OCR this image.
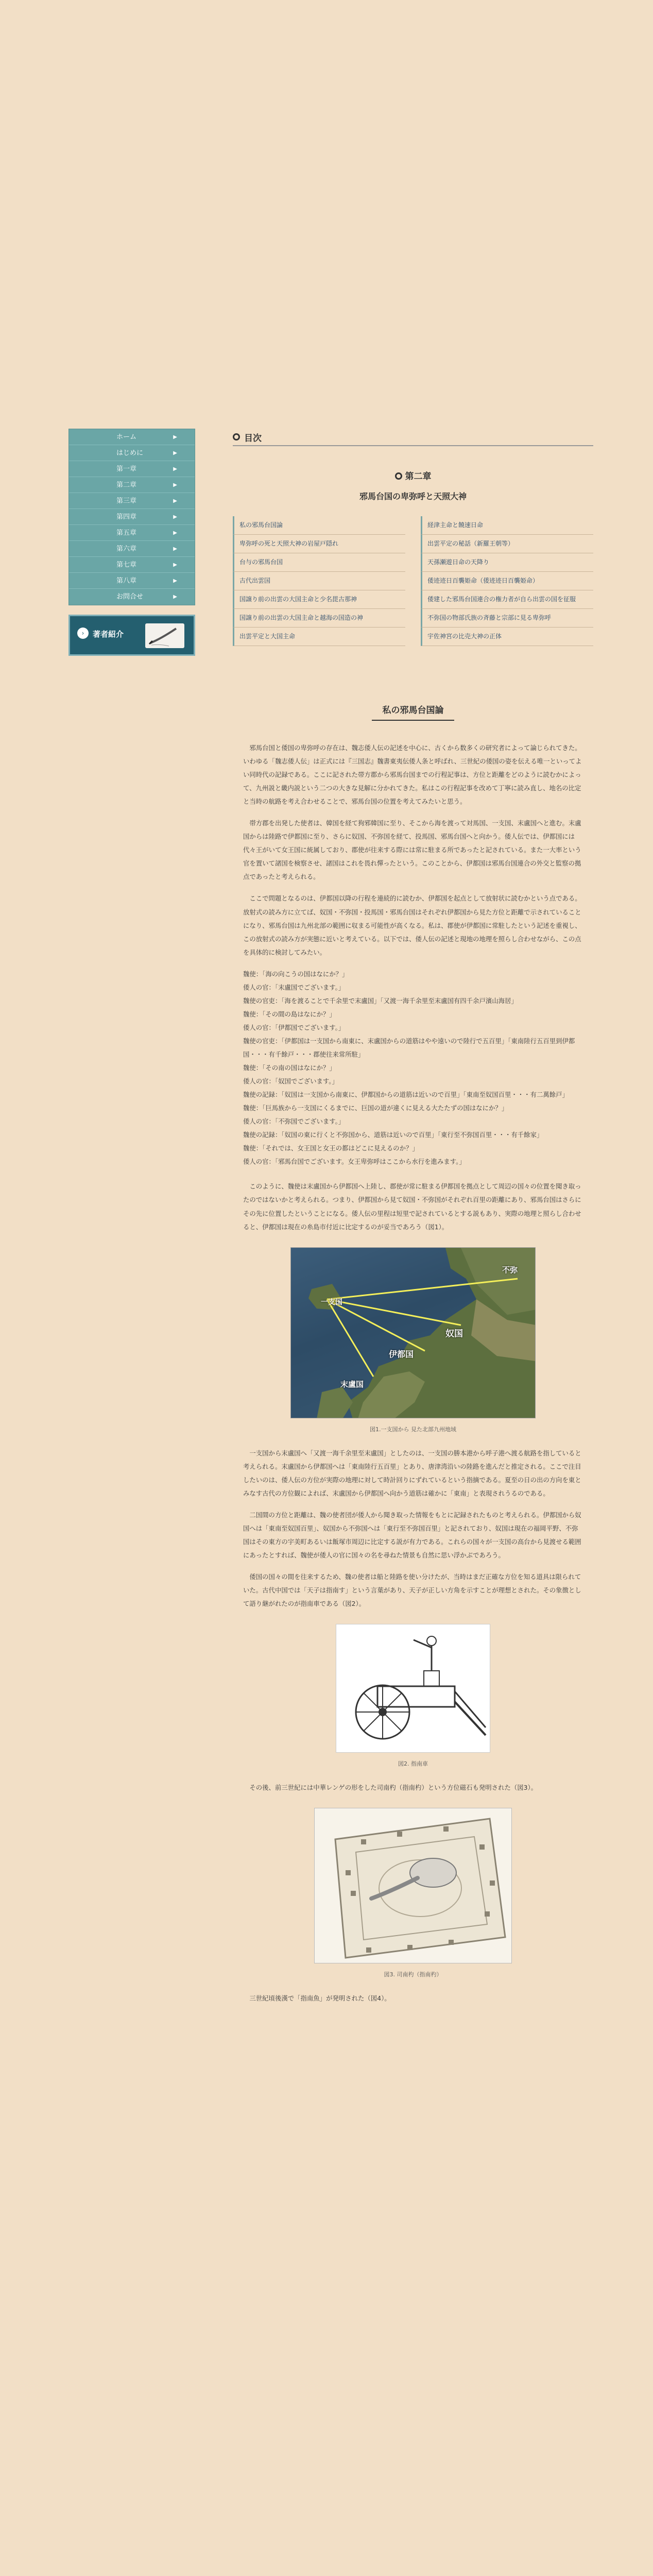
ホーム	▶
はじめに	▶
第一章	▶
第二章	▶
第三章	▶
第四章	▶
第五章	▶
第六章	▶
第七章	▶
第八章	▶
お問合せ	▶
›	著者紹介
目次
第二章
邪馬台国の卑弥呼と天照大神
私の邪馬台国論	経津主命と饒速日命
卑弥呼の死と天照大神の岩屋戸隠れ	出雲平定の秘話（新羅王朝等）
台与の邪馬台国	天孫瀬遊日命の天降り
古代出雲国	倭迹迹日百襲姫命（倭迹迹日百襲姫命）
国譲り前の出雲の大国主命と少名毘古那神	倭建した邪馬台国連合の権力者が自ら出雲の国を征服
国譲り前の出雲の大国主命と越海の国造の神	不弥国の物部氏族の斉藤と宗部に見る卑弥呼
出雲平定と大国主命	宇佐神宮の比売大神の正体
私の邪馬台国論

邪馬台国と倭国の卑弥呼の存在は、魏志倭人伝の記述を中心に、古くから数多くの研究者によって論じられてきた。いわゆる「魏志倭人伝」は正式には『三国志』魏書東夷伝倭人条と呼ばれ、三世紀の倭国の姿を伝える唯一といってよい同時代の記録である。ここに記された帯方郡から邪馬台国までの行程記事は、方位と距離をどのように読むかによって、九州説と畿内説という二つの大きな見解に分かれてきた。私はこの行程記事を改めて丁寧に読み直し、地名の比定と当時の航路を考え合わせることで、邪馬台国の位置を考えてみたいと思う。

帯方郡を出発した使者は、韓国を経て狗邪韓国に至り、そこから海を渡って対馬国、一支国、末盧国へと進む。末盧国からは陸路で伊都国に至り、さらに奴国、不弥国を経て、投馬国、邪馬台国へと向かう。倭人伝では、伊都国には代々王がいて女王国に統属しており、郡使が往来する際には常に駐まる所であったと記されている。また一大率という官を置いて諸国を検察させ、諸国はこれを畏れ憚ったという。このことから、伊都国は邪馬台国連合の外交と監察の拠点であったと考えられる。

ここで問題となるのは、伊都国以降の行程を連続的に読むか、伊都国を起点として放射状に読むかという点である。放射式の読み方に立てば、奴国・不弥国・投馬国・邪馬台国はそれぞれ伊都国から見た方位と距離で示されていることになり、邪馬台国は九州北部の範囲に収まる可能性が高くなる。私は、郡使が伊都国に常駐したという記述を重視し、この放射式の読み方が実態に近いと考えている。以下では、倭人伝の記述と現地の地理を照らし合わせながら、この点を具体的に検討してみたい。

魏使：「海の向こうの国はなにか？」

倭人の官：「末盧国でございます。」

魏使の官吏：「海を渡ることで千余里で末盧国」「又渡一海千余里至末盧国有四千余戸濱山海居」

魏使：「その間の島はなにか？」

倭人の官：「伊都国でございます。」

魏使の官吏：「伊都国は一支国から南東に、末盧国からの道筋はやや遠いので陸行で五百里」「東南陸行五百里到伊都国・・・有千餘戸・・・郡使往来常所駐」

魏使：「その南の国はなにか？」

倭人の官：「奴国でございます。」

魏使の記録：「奴国は一支国から南東に、伊都国からの道筋は近いので百里」「東南至奴国百里・・・有二萬餘戸」

魏使：「巨馬族から一支国にくるまでに、巨国の道が違くに見える大たたずの国はなにか？」

倭人の官：「不弥国でございます。」

魏使の記録：「奴国の東に行くと不弥国から、道筋は近いので百里」「東行至不弥国百里・・・有千餘家」

魏使：「それでは、女王国と女王の都はどこに見えるのか？」

倭人の官：「邪馬台国でございます。女王卑弥呼はここから水行を進みます。」

このように、魏使は末盧国から伊都国へ上陸し、郡使が常に駐まる伊都国を拠点として周辺の国々の位置を聞き取ったのではないかと考えられる。つまり、伊都国から見て奴国・不弥国がそれぞれ百里の距離にあり、邪馬台国はさらにその先に位置したということになる。倭人伝の里程は短里で記されているとする説もあり、実際の地理と照らし合わせると、伊都国は現在の糸島市付近に比定するのが妥当であろう（図1）。

一支国
末盧国
伊都国
奴国
不弥
図1.一支国から 見た北部九州地域

一支国から末盧国へ「又渡一海千余里至末盧国」としたのは、一支国の勝本港から呼子港へ渡る航路を指していると考えられる。末盧国から伊都国へは「東南陸行五百里」とあり、唐津湾沿いの陸路を進んだと推定される。ここで注目したいのは、倭人伝の方位が実際の地理に対して時計回りにずれているという指摘である。夏至の日の出の方向を東とみなす古代の方位観によれば、末盧国から伊都国へ向かう道筋は確かに「東南」と表現されうるのである。

二国間の方位と距離は、魏の使者団が倭人から聞き取った情報をもとに記録されたものと考えられる。伊都国から奴国へは「東南至奴国百里」、奴国から不弥国へは「東行至不弥国百里」と記されており、奴国は現在の福岡平野、不弥国はその東方の宇美町あるいは飯塚市周辺に比定する説が有力である。これらの国々が一支国の高台から見渡せる範囲にあったとすれば、魏使が倭人の官に国々の名を尋ねた情景も自然に思い浮かぶであろう。

倭国の国々の間を往来するため、魏の使者は船と陸路を使い分けたが、当時はまだ正確な方位を知る道具は限られていた。古代中国では「天子は指南す」という言葉があり、天子が正しい方角を示すことが理想とされた。その象徴として語り継がれたのが指南車である（図2）。

図2. 指南車

その後、前三世紀には中華レンゲの形をした司南杓（指南杓）という方位磁石も発明された（図3）。

図3. 司南杓（指南杓）

三世紀頃後漢で「指南魚」が発明された（図4）。
